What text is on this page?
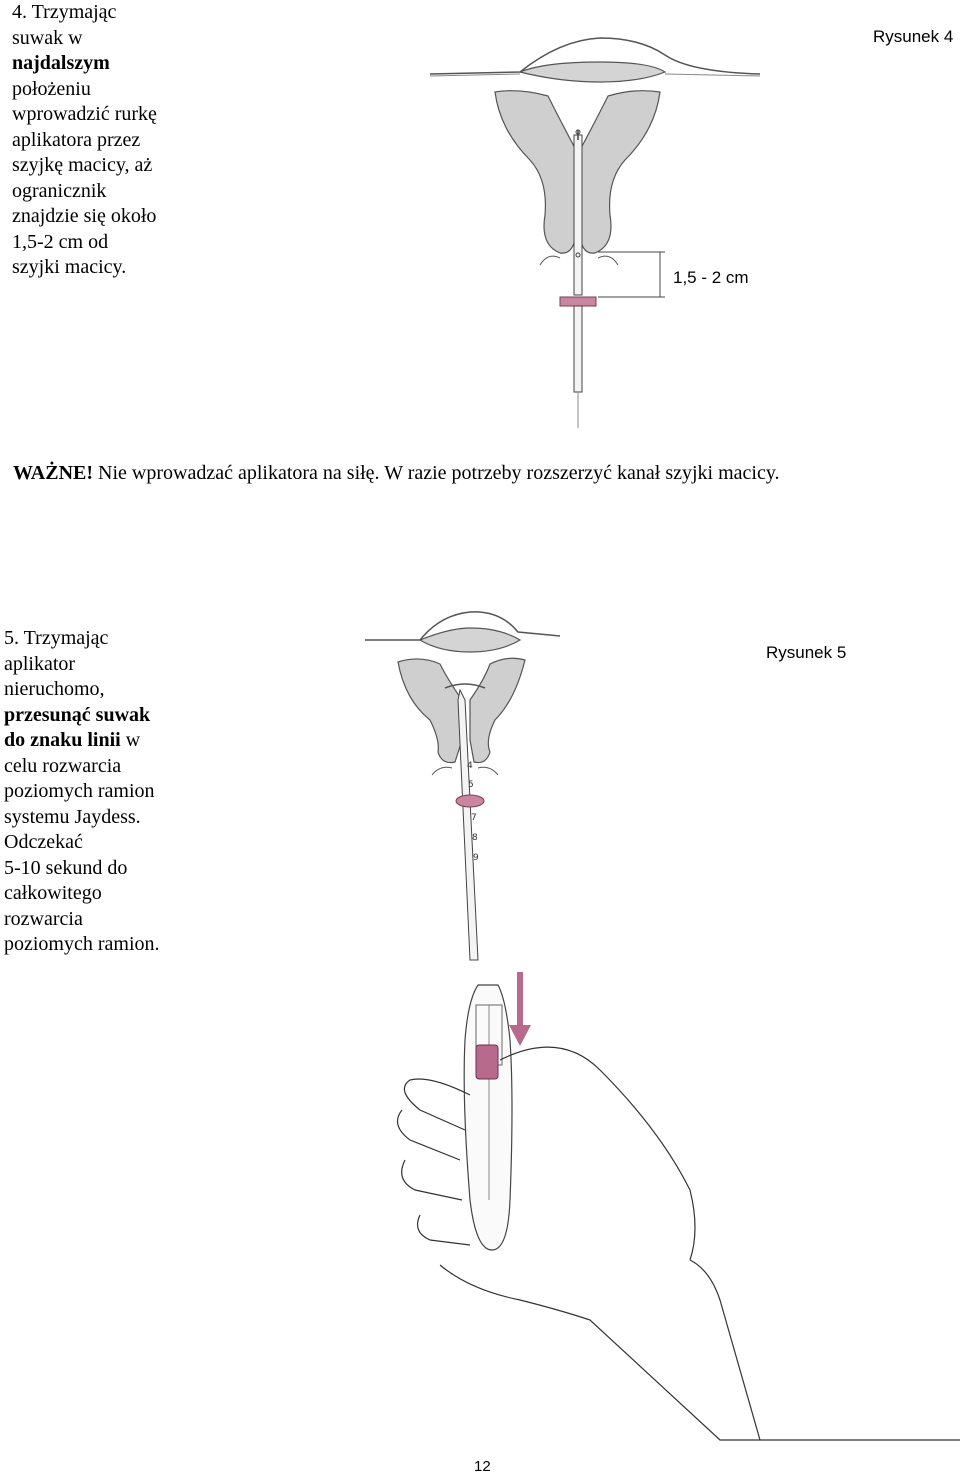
4. Trzymając
suwak w
najdalszym
położeniu
wprowadzić rurkę
aplikatora przez
szyjkę macicy, aż
ogranicznik
znajdzie się około
1,5-2 cm od
szyjki macicy.
Rysunek 4
1,5 - 2 cm
WAŻNE! Nie wprowadzać aplikatora na siłę. W razie potrzeby rozszerzyć kanał szyjki macicy.
5. Trzymając
aplikator
nieruchomo,
przesunąć suwak
do znaku linii w
celu rozwarcia
poziomych ramion
systemu Jaydess.
Odczekać
5-10 sekund do
całkowitego
rozwarcia
poziomych ramion.
4
5
7
8
9
Rysunek 5
12
